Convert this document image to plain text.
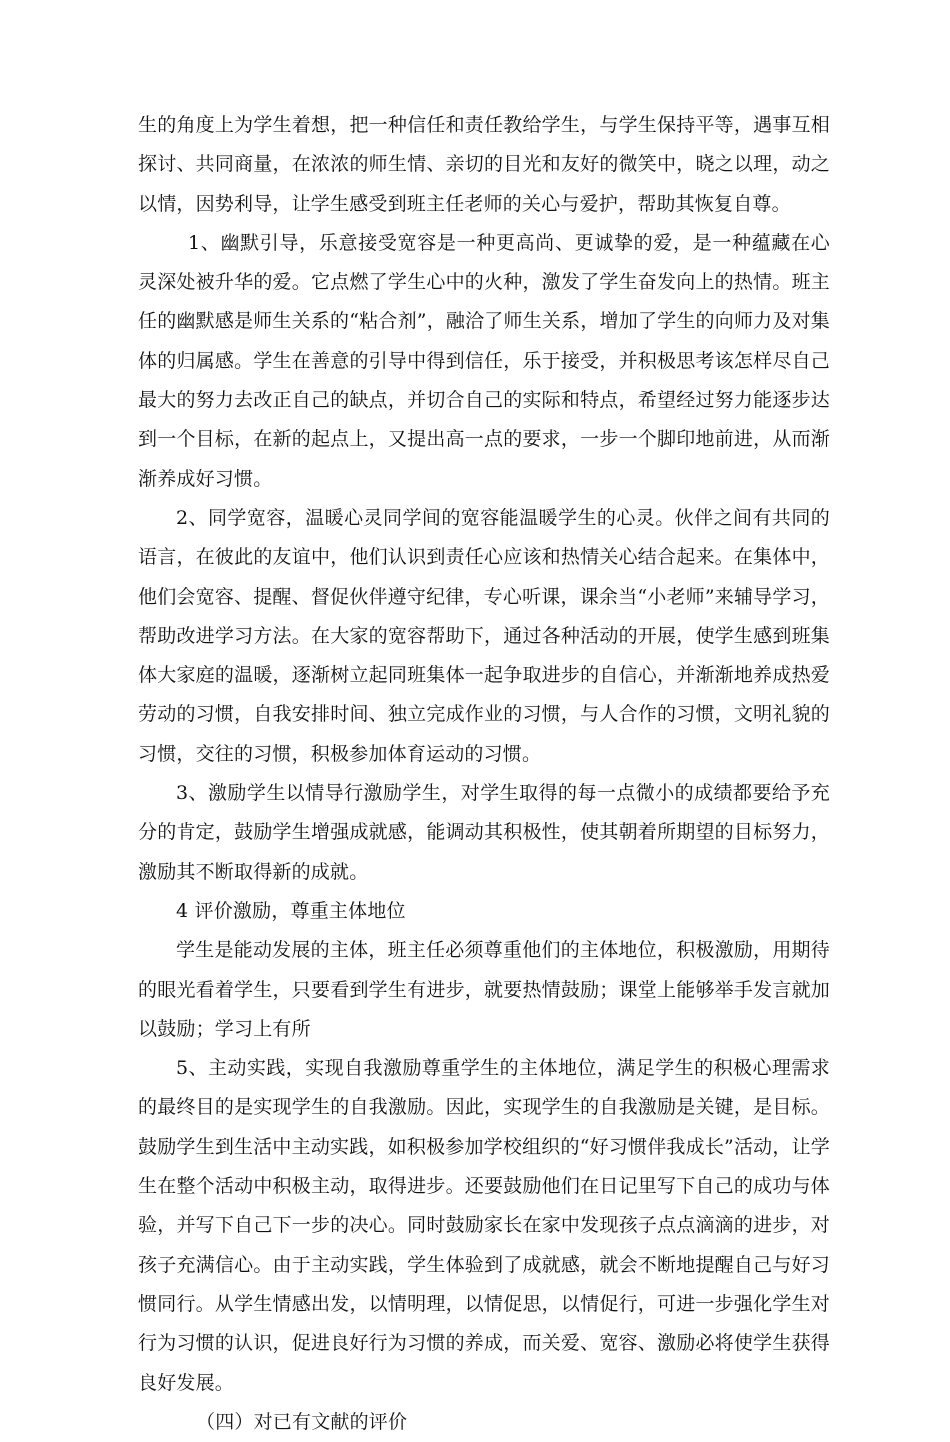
生的角度上为学生着想，把一种信任和责任教给学生，与学生保持平等，遇事互相探讨、共同商量，在浓浓的师生情、亲切的目光和友好的微笑中，晓之以理，动之以情，因势利导，让学生感受到班主任老师的关心与爱护，帮助其恢复自尊。

1、幽默引导，乐意接受宽容是一种更高尚、更诚挚的爱，是一种蕴藏在心灵深处被升华的爱。它点燃了学生心中的火种，激发了学生奋发向上的热情。班主任的幽默感是师生关系的“粘合剂”，融洽了师生关系，增加了学生的向师力及对集体的归属感。学生在善意的引导中得到信任，乐于接受，并积极思考该怎样尽自己最大的努力去改正自己的缺点，并切合自己的实际和特点，希望经过努力能逐步达到一个目标，在新的起点上，又提出高一点的要求，一步一个脚印地前进，从而渐渐养成好习惯。

2、同学宽容，温暖心灵同学间的宽容能温暖学生的心灵。伙伴之间有共同的语言，在彼此的友谊中，他们认识到责任心应该和热情关心结合起来。在集体中，他们会宽容、提醒、督促伙伴遵守纪律，专心听课，课余当“小老师”来辅导学习，帮助改进学习方法。在大家的宽容帮助下，通过各种活动的开展，使学生感到班集体大家庭的温暖，逐渐树立起同班集体一起争取进步的自信心，并渐渐地养成热爱劳动的习惯，自我安排时间、独立完成作业的习惯，与人合作的习惯，文明礼貌的习惯，交往的习惯，积极参加体育运动的习惯。

3、激励学生以情导行激励学生，对学生取得的每一点微小的成绩都要给予充分的肯定，鼓励学生增强成就感，能调动其积极性，使其朝着所期望的目标努力，激励其不断取得新的成就。

4 评价激励，尊重主体地位

学生是能动发展的主体，班主任必须尊重他们的主体地位，积极激励，用期待的眼光看着学生，只要看到学生有进步，就要热情鼓励；课堂上能够举手发言就加以鼓励；学习上有所

5、主动实践，实现自我激励尊重学生的主体地位，满足学生的积极心理需求的最终目的是实现学生的自我激励。因此，实现学生的自我激励是关键，是目标。鼓励学生到生活中主动实践，如积极参加学校组织的“好习惯伴我成长”活动，让学生在整个活动中积极主动，取得进步。还要鼓励他们在日记里写下自己的成功与体验，并写下自己下一步的决心。同时鼓励家长在家中发现孩子点点滴滴的进步，对孩子充满信心。由于主动实践，学生体验到了成就感，就会不断地提醒自己与好习惯同行。从学生情感出发，以情明理，以情促思，以情促行，可进一步强化学生对行为习惯的认识，促进良好行为习惯的养成，而关爱、宽容、激励必将使学生获得良好发展。

（四）对已有文献的评价
